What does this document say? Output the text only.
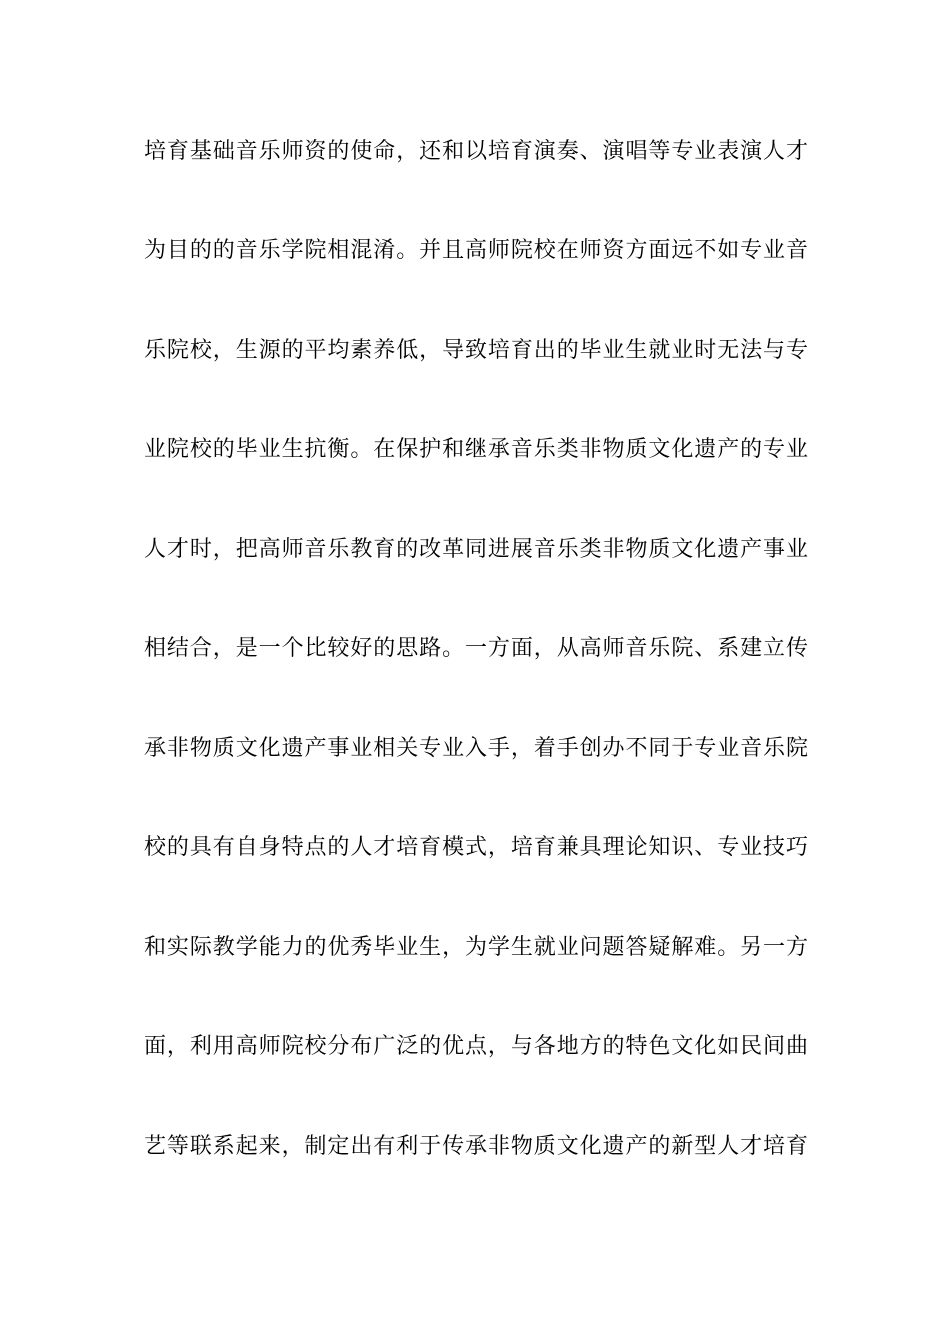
培育基础音乐师资的使命，还和以培育演奏、演唱等专业表演人才
为目的的音乐学院相混淆。并且高师院校在师资方面远不如专业音
乐院校，生源的平均素养低，导致培育出的毕业生就业时无法与专
业院校的毕业生抗衡。在保护和继承音乐类非物质文化遗产的专业
人才时，把高师音乐教育的改革同进展音乐类非物质文化遗产事业
相结合，是一个比较好的思路。一方面，从高师音乐院、系建立传
承非物质文化遗产事业相关专业入手，着手创办不同于专业音乐院
校的具有自身特点的人才培育模式，培育兼具理论知识、专业技巧
和实际教学能力的优秀毕业生，为学生就业问题答疑解难。另一方
面，利用高师院校分布广泛的优点，与各地方的特色文化如民间曲
艺等联系起来，制定出有利于传承非物质文化遗产的新型人才培育
